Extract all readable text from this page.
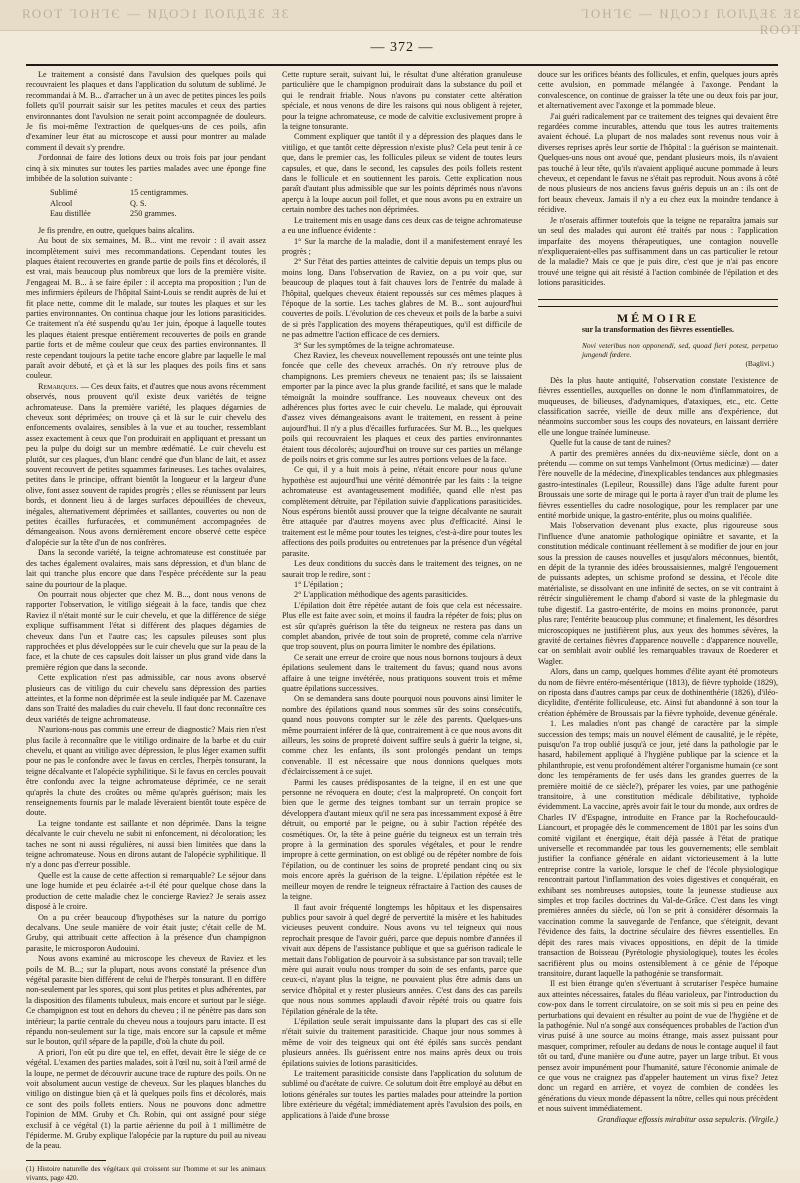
ЗЕ ЗЕДЛОЛ 1СОДИ — ЭГНОГ ТООЯ	ЗЕ ЗЕДЛОЛ 1СОДИ — ЭГНОГ ТООЯ
— 372 —

Le traitement a consisté dans l'avulsion des quelques poils qui recouvraient les plaques et dans l'application du solutum de sublimé. Je recommandai à M. B... d'arracher un à un avec de petites pinces les poils follets qu'il pourrait saisir sur les petites macules et ceux des parties environnantes dont l'avulsion ne serait point accompagnée de douleurs. Je fis moi-même l'extraction de quelques-uns de ces poils, afin d'examiner leur état au microscope et aussi pour montrer au malade comment il devait s'y prendre.

J'ordonnai de faire des lotions deux ou trois fois par jour pendant cinq à six minutes sur toutes les parties malades avec une éponge fine imbibée de la solution suivante :

Sublimé	15 centigrammes.
Alcool	Q. S.
Eau distillée	250 grammes.

Je fis prendre, en outre, quelques bains alcalins.

Au bout de six semaines, M. B... vint me revoir : il avait assez incomplètement suivi mes recommandations. Cependant toutes les plaques étaient recouvertes en grande partie de poils fins et décolorés, il est vrai, mais beaucoup plus nombreux que lors de la première visite. J'engageai M. B... à se faire épiler : il accepta ma proposition ; l'un de mes infirmiers épileurs de l'hôpital Saint-Louis se rendit auprès de lui et fit place nette, comme dit le malade, sur toutes les plaques et sur les parties environnantes. On continua chaque jour les lotions parasiticides. Ce traitement n'a été suspendu qu'au 1er juin, époque à laquelle toutes les plaques étaient presque entièrement recouvertes de poils en grande partie forts et de même couleur que ceux des parties environnantes. Il reste cependant toujours la petite tache encore glabre par laquelle le mal paraît avoir débuté, et çà et là sur les plaques des poils fins et sans couleur.

Remarques. — Ces deux faits, et d'autres que nous avons récemment observés, nous prouvent qu'il existe deux variétés de teigne achromateuse. Dans la première variété, les plaques dégarnies de cheveux sont déprimées; on trouve çà et là sur le cuir chevelu des enfoncements ovalaires, sensibles à la vue et au toucher, ressemblant assez exactement à ceux que l'on produirait en appliquant et pressant un peu la pulpe du doigt sur un membre œdématié. Le cuir chevelu est plutôt, sur ces plaques, d'un blanc cendré que d'un blanc de lait, et assez souvent recouvert de petites squammes farineuses. Les taches ovalaires, petites dans le principe, offrant bientôt la longueur et la largeur d'une olive, font assez souvent de rapides progrès ; elles se réunissent par leurs bords, et donnent lieu à de larges surfaces dépouillées de cheveux, inégales, alternativement déprimées et saillantes, couvertes ou non de petites écailles furfuracées, et communément accompagnées de démangeaison. Nous avons dernièrement encore observé cette espèce d'alopécie sur la tête d'un de nos confrères.

Dans la seconde variété, la teigne achromateuse est constituée par des taches également ovalaires, mais sans dépression, et d'un blanc de lait qui tranche plus encore que dans l'espèce précédente sur la peau saine du pourtour de la plaque.

On pourrait nous objecter que chez M. B..., dont nous venons de rapporter l'observation, le vitiligo siégeait à la face, tandis que chez Raviez il n'était monté sur le cuir chevelu, et que la différence de siége explique suffisamment l'état si différent des plaques dégarnies de cheveux dans l'un et l'autre cas; les capsules pileuses sont plus rapprochées et plus développées sur le cuir chevelu que sur la peau de la face, et la chute de ces capsules doit laisser un plus grand vide dans la première région que dans la seconde.

Cette explication n'est pas admissible, car nous avons observé plusieurs cas de vitiligo du cuir chevelu sans dépression des parties atteintes, et la forme non déprimée est la seule indiquée par M. Cazenave dans son Traité des maladies du cuir chevelu. Il faut donc reconnaître ces deux variétés de teigne achromateuse.

N'aurions-nous pas commis une erreur de diagnostic? Mais rien n'est plus facile à reconnaître que le vitiligo ordinaire de la barbe et du cuir chevelu, et quant au vitiligo avec dépression, le plus léger examen suffit pour ne pas le confondre avec le favus en cercles, l'herpès tonsurant, la teigne décalvante et l'alopécie syphilitique. Si le favus en cercles pouvait être confondu avec la teigne achromateuse déprimée, ce ne serait qu'après la chute des croûtes ou même qu'après guérison; mais les renseignements fournis par le malade lèveraient bientôt toute espèce de doute.

La teigne tondante est saillante et non déprimée. Dans la teigne décalvante le cuir chevelu ne subit ni enfoncement, ni décoloration; les taches ne sont ni aussi régulières, ni aussi bien limitées que dans la teigne achromateuse. Nous en dirons autant de l'alopécie syphilitique. Il n'y a donc pas d'erreur possible.

Quelle est la cause de cette affection si remarquable? Le séjour dans une loge humide et peu éclairée a-t-il été pour quelque chose dans la production de cette maladie chez le concierge Raviez? Je serais assez disposé à le croire.

On a pu créer beaucoup d'hypothèses sur la nature du porrigo decalvans. Une seule manière de voir était juste; c'était celle de M. Gruby, qui attribuait cette affection à la présence d'un champignon parasite, le microsporon Audouini.

Nous avons examiné au microscope les cheveux de Raviez et les poils de M. B...; sur la plupart, nous avons constaté la présence d'un végétal parasite bien différent de celui de l'herpès tonsurant. Il en diffère non-seulement par les spores, qui sont plus petites et plus adhérentes, par la disposition des filaments tubuleux, mais encore et surtout par le siége. Ce champignon est tout en dehors du cheveu ; il ne pénètre pas dans son intérieur; la partie centrale du cheveu nous a toujours paru intacte. Il est répandu non-seulement sur la tige, mais encore sur la capsule et même sur le bouton, qu'il sépare de la papille, d'où la chute du poil.

A priori, l'on eût pu dire que tel, en effet, devait être le siége de ce végétal. L'examen des parties malades, soit à l'œil nu, soit à l'œil armé de la loupe, ne permet de découvrir aucune trace de rupture des poils. On ne voit absolument aucun vestige de cheveux. Sur les plaques blanches du vitiligo on distingue bien çà et là quelques poils fins et décolorés, mais ce sont des poils follets entiers. Nous ne pouvons donc admettre l'opinion de MM. Gruby et Ch. Robin, qui ont assigné pour siége exclusif à ce végétal (1) la partie aérienne du poil à 1 millimètre de l'épiderme. M. Gruby explique l'alopécie par la rupture du poil au niveau de la peau.

(1) Histoire naturelle des végétaux qui croissent sur l'homme et sur les animaux vivants, page 420.

Cette rupture serait, suivant lui, le résultat d'une altération granuleuse particulière que le champignon produirait dans la substance du poil et qui le rendrait friable. Nous n'avons pu constater cette altération spéciale, et nous venons de dire les raisons qui nous obligent à rejeter, pour la teigne achromateuse, ce mode de calvitie exclusivement propre à la teigne tonsurante.

Comment expliquer que tantôt il y a dépression des plaques dans le vitiligo, et que tantôt cette dépression n'existe plus? Cela peut tenir à ce que, dans le premier cas, les follicules pileux se vident de toutes leurs capsules, et que, dans le second, les capsules des poils follets restent dans le follicule et en soutiennent les parois. Cette explication nous paraît d'autant plus admissible que sur les points déprimés nous n'avons aperçu à la loupe aucun poil follet, et que nous avons pu en extraire un certain nombre des taches non déprimées.

Le traitement mis en usage dans ces deux cas de teigne achromateuse a eu une influence évidente :

1° Sur la marche de la maladie, dont il a manifestement enrayé les progrès ;

2° Sur l'état des parties atteintes de calvitie depuis un temps plus ou moins long. Dans l'observation de Raviez, on a pu voir que, sur beaucoup de plaques tout à fait chauves lors de l'entrée du malade à l'hôpital, quelques cheveux étaient repoussés sur ces mêmes plaques à l'époque de la sortie. Les taches glabres de M. B... sont aujourd'hui couvertes de poils. L'évolution de ces cheveux et poils de la barbe a suivi de si près l'application des moyens thérapeutiques, qu'il est difficile de ne pas admettre l'action efficace de ces derniers.

3° Sur les symptômes de la teigne achromateuse.

Chez Raviez, les cheveux nouvellement repoussés ont une teinte plus foncée que celle des cheveux arrachés. On n'y retrouve plus de champignons. Les premiers cheveux ne tenaient pas; ils se laissaient emporter par la pince avec la plus grande facilité, et sans que le malade témoignât la moindre souffrance. Les nouveaux cheveux ont des adhérences plus fortes avec le cuir chevelu. Le malade, qui éprouvait d'assez vives démangeaisons avant le traitement, en ressent à peine aujourd'hui. Il n'y a plus d'écailles furfuracées. Sur M. B..., les quelques poils qui recouvraient les plaques et ceux des parties environnantes étaient tous décolorés; aujourd'hui on trouve sur ces parties un mélange de poils noirs et gris comme sur les autres portions velues de la face.

Ce qui, il y a huit mois à peine, n'était encore pour nous qu'une hypothèse est aujourd'hui une vérité démontrée par les faits : la teigne achromateuse est avantageusement modifiée, quand elle n'est pas complètement détruite, par l'épilation suivie d'applications parasiticides. Nous espérons bientôt aussi prouver que la teigne décalvante ne saurait être attaquée par d'autres moyens avec plus d'efficacité. Ainsi le traitement est le même pour toutes les teignes, c'est-à-dire pour toutes les affections des poils produites ou entretenues par la présence d'un végétal parasite.

Les deux conditions du succès dans le traitement des teignes, on ne saurait trop le redire, sont :

1° L'épilation ;

2° L'application méthodique des agents parasiticides.

L'épilation doit être répétée autant de fois que cela est nécessaire. Plus elle est faite avec soin, et moins il faudra la répéter de fois; plus on est sûr qu'après guérison la tête du teigneux ne restera pas dans un complet abandon, privée de tout soin de propreté, comme cela n'arrive que trop souvent, plus on pourra limiter le nombre des épilations.

Ce serait une erreur de croire que nous nous bornons toujours à deux épilations seulement dans le traitement du favus; quand nous avons affaire à une teigne invétérée, nous pratiquons souvent trois et même quatre épilations successives.

On se demandera sans doute pourquoi nous pouvons ainsi limiter le nombre des épilations quand nous sommes sûr des soins consécutifs, quand nous pouvons compter sur le zèle des parents. Quelques-uns même pourraient inférer de là que, contrairement à ce que nous avons dit ailleurs, les soins de propreté doivent suffire seuls à guérir la teigne, si, comme chez les enfants, ils sont prolongés pendant un temps convenable. Il est nécessaire que nous donnions quelques mots d'éclaircissement à ce sujet.

Parmi les causes prédisposantes de la teigne, il en est une que personne ne révoquera en doute; c'est la malpropreté. On conçoit fort bien que le germe des teignes tombant sur un terrain propice se développera d'autant mieux qu'il ne sera pas incessamment exposé à être détruit, ou emporté par le peigne, ou à subir l'action répétée des cosmétiques. Or, la tête à peine guérie du teigneux est un terrain très propre à la germination des sporules végétales, et pour le rendre impropre à cette germination, on est obligé ou de répéter nombre de fois l'épilation, ou de continuer les soins de propreté pendant cinq ou six mois encore après la guérison de la teigne. L'épilation répétée est le meilleur moyen de rendre le teigneux réfractaire à l'action des causes de la teigne.

Il faut avoir fréquenté longtemps les hôpitaux et les dispensaires publics pour savoir à quel degré de pervertité la misère et les habitudes vicieuses peuvent conduire. Nous avons vu tel teigneux qui nous reprochait presque de l'avoir guéri, parce que depuis nombre d'années il vivait aux dépens de l'assistance publique et que sa guérison radicale le mettait dans l'obligation de pourvoir à sa subsistance par son travail; telle mère qui aurait voulu nous tromper du soin de ses enfants, parce que ceux-ci, n'ayant plus la teigne, ne pouvaient plus être admis dans un service d'hôpital et y rester plusieurs années. C'est dans des cas pareils que nous nous sommes applaudi d'avoir répété trois ou quatre fois l'épilation générale de la tête.

L'épilation seule serait impuissante dans la plupart des cas si elle n'était suivie du traitement parasiticide. Chaque jour nous sommes à même de voir des teigneux qui ont été épilés sans succès pendant plusieurs années. Ils guérissent entre nos mains après deux ou trois épilations suivies de lotions parasiticides.

Le traitement parasiticide consiste dans l'application du solutum de sublimé ou d'acétate de cuivre. Ce solutum doit être employé au début en lotions générales sur toutes les parties malades pour atteindre la portion libre extérieure du végétal; immédiatement après l'avulsion des poils, en applications à l'aide d'une brosse

douce sur les orifices béants des follicules, et enfin, quelques jours après cette avulsion, en pommade mélangée à l'axonge. Pendant la convalescence, on continue de graisser la tête une ou deux fois par jour, et alternativement avec l'axonge et la pommade bleue.

J'ai guéri radicalement par ce traitement des teignes qui devaient être regardées comme incurables, attendu que tous les autres traitements avaient échoué. La plupart de nos malades sont revenus nous voir à diverses reprises après leur sortie de l'hôpital : la guérison se maintenait. Quelques-uns nous ont avoué que, pendant plusieurs mois, ils n'avaient pas touché à leur tête, qu'ils n'avaient appliqué aucune pommade à leurs cheveux, et cependant le favus ne s'était pas reproduit. Nous avons à côté de nous plusieurs de nos anciens favus guéris depuis un an : ils ont de fort beaux cheveux. Jamais il n'y a eu chez eux la moindre tendance à récidive.

Je n'oserais affirmer toutefois que la teigne ne reparaîtra jamais sur un seul des malades qui auront été traités par nous : l'application imparfaite des moyens thérapeutiques, une contagion nouvelle n'expliqueraient-elles pas suffisamment dans un cas particulier le retour de la maladie? Mais ce que je puis dire, c'est que je n'ai pas encore trouvé une teigne qui ait résisté à l'action combinée de l'épilation et des lotions parasiticides.

MÉMOIRE
sur la transformation des fièvres essentielles.
Novi veteribus non opponendi, sed, quoad fieri potest, perpetuo jungendi fœdere.
(Baglivi.)

Dès la plus haute antiquité, l'observation constate l'existence de fièvres essentielles, auxquelles on donne le nom d'inflammatoires, de muqueuses, de bilieuses, d'adynamiques, d'ataxiques, etc., etc. Cette classification sacrée, vieille de deux mille ans d'expérience, dut néanmoins succomber sous les coups des novateurs, en laissant derrière elle une longue traînée lumineuse.

Quelle fut la cause de tant de ruines?

A partir des premières années du dix-neuvième siècle, dont on a prétendu — comme on sut temps Vanhelmont (Ortus medicinæ) — dater l'ère nouvelle de la médecine, d'inexplicables tendances aux phlegmasies gastro-intestinales (Lepileur, Roussille) dans l'âge adulte furent pour Broussais une sorte de mirage qui le porta à rayer d'un trait de plume les fièvres essentielles du cadre nosologique, pour les remplacer par une entité morbide unique, la gastro-entérite, plus ou moins qualifiée.

Mais l'observation devenant plus exacte, plus rigoureuse sous l'influence d'une anatomie pathologique opiniâtre et savante, et la constitution médicale continuant réellement à se modifier de jour en jour sous la pression de causes nouvelles et jusqu'alors méconnues, bientôt, en dépit de la tyrannie des idées broussaisiennes, malgré l'engouement de puissants adeptes, un schisme profond se dessina, et l'école dite matérialiste, se dissolvant en une infinité de sectes, on se vit contraint à rétrécir singulièrement le champ d'abord si vaste de la phlegmasie du tube digestif. La gastro-entérite, de moins en moins prononcée, parut plus rare; l'entérite beaucoup plus commune; et finalement, les désordres microscopiques ne justifièrent plus, aux yeux des hommes sévères, la gravité de certaines fièvres d'apparence nouvelle : d'apparence nouvelle, car on semblait avoir oublié les remarquables travaux de Roederer et Wagler.

Alors, dans un camp, quelques hommes d'élite ayant été promoteurs du nom de fièvre entéro-mésentérique (1813), de fièvre typhoïde (1829), on riposta dans d'autres camps par ceux de dothinenthérie (1826), d'iléo-dicylidite, d'entérite folliculeuse, etc. Ainsi fut abandonné à son tour la création éphémère de Broussais par la fièvre typhoïde, devenue générale.

1. Les maladies n'ont pas changé de caractère par la simple succession des temps; mais un nouvel élément de causalité, je le répète, puisqu'on l'a trop oublié jusqu'à ce jour, jeté dans la pathologie par le hasard, habilement appliqué à l'hygiène publique par la science et la philanthropie, est venu profondément altérer l'organisme humain (ce sont donc les tempéraments de fer usés dans les grandes guerres de la première moitié de ce siècle?), préparer les voies, par une pathogénie transitoire, à une constitution médicale débilitative, typhoïde évidemment. La vaccine, après avoir fait le tour du monde, aux ordres de Charles IV d'Espagne, introduite en France par la Rochefoucauld-Liancourt, et propagée dès le commencement de 1801 par les soins d'un comité vigilant et énergique, était déjà passée à l'état de pratique universelle et recommandée par tous les gouvernements; elle semblait justifier la confiance générale en aidant victorieusement à la lutte entreprise contre la variole, lorsque le chef de l'école physiologique rencontrait partout l'inflammation des voies digestives et conquérait, en exhibant ses nombreuses autopsies, toute la jeunesse studieuse aux simples et trop faciles doctrines du Val-de-Grâce. C'est dans les vingt premières années du siècle, où l'on se prit à considérer désormais la vaccination comme la sauvegarde de l'enfance, que s'éteignit, devant l'évidence des faits, la doctrine séculaire des fièvres essentielles. En dépit des rares mais vivaces oppositions, en dépit de la timide transaction de Boisseau (Pyrétologie physiologique), toutes les écoles sacrifièrent plus ou moins ostensiblement à ce génie de l'époque transitoire, durant laquelle la pathogénie se transformait.

Il est bien étrange qu'en s'évertuant à scrutariser l'espèce humaine aux atteintes nécessaires, fatales du fléau varioleux, par l'introduction du cow-pox dans le torrent circulatoire, on se soit mis si peu en peine des perturbations qui devaient en résulter au point de vue de l'hygiène et de la pathogénie. Nul n'a songé aux conséquences probables de l'action d'un virus puisé à une source au moins étrange, mais assez puissant pour masquer, comprimer, refouler au dedans de nous le contage auquel il faut tôt ou tard, d'une manière ou d'une autre, payer un large tribut. Et vous pensez avoir impunément pour l'humanité, sature l'économie animale de ce que vous ne craignez pas d'appeler hautement un virus fixe? Jetez donc un regard en arrière, et voyez de combien de condées les générations du vieux monde dépassent la nôtre, celles qui nous précèdent et nous suivent immédiatement.

Grandiaque effossis mirabitur ossa sepulcris. (Virgile.)
